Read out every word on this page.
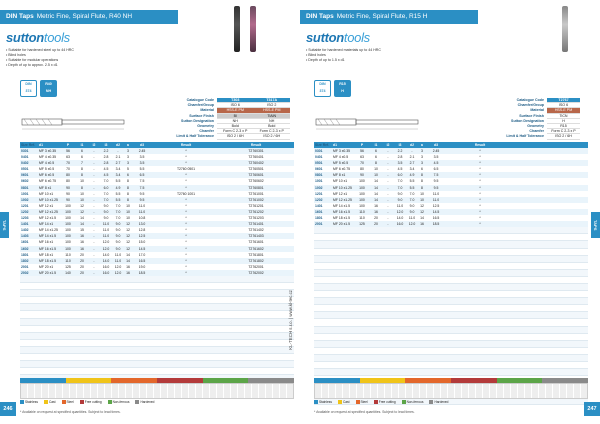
DIN Taps Metric Fine, Spiral Flute, R40 NH
suttontools
• Suitable for hardened steel up to 44 HRC
• Blind holes
• Suitable for modular operations
• Depth of up to approx. 2.5 x d1
DIN
374
R40
NH
Catalogue Code	T303	T317A
Chamfer/Group	ISO 6	ISO 2
Material	HSS-E PM	HSS-E PM
Surface Finish	Bl	TiAlN
Sutton Designation	NH	NH
Geometry	Bold	Bold
Chamfer	Form C 2-3 x P	Form C 2-3 x P
Limit & Half Tolerance	ISO 2 / 6H	ISO 2 / 6H
Size Ref.	d1	P	l1	l2	l3	d2	a	d3	Result	Result
0301	MF 3 x0.35	56	6	-	2.2	-	3	2.45	*	T2760301
0401	MF 4 x0.35	63	6	-	2.8	2.1	3	3.5	*	T2760401
0402	MF 4 x0.5	70	7	-	2.8	2.7	3	3.5	*	T2760402
0501	MF 5 x0.5	70	8	-	4.5	3.4	5	5.5	T2760 0501	T2760501
0601	MF 6 x0.5	80	8	-	4.5	3.4	6	6.5	*	T2760601
0602	MF 6 x0.75	80	10	-	7.0	5.5	8	7.5	*	T2760602
0801	MF 8 x1	90	8	-	6.0	4.9	8	7.5	*	T2760801
1001	MF 10 x1	90	10	-	7.0	5.5	8	9.5	T2760 1001	T2761001
1002	MF 10 x1.25	90	10	-	7.0	5.5	8	9.5	*	T2761002
1201	MF 12 x1	100	12	-	9.0	7.0	10	11.0	*	T2761201
1202	MF 12 x1.25	100	12	-	9.0	7.0	10	11.0	*	T2761202
1203	MF 12 x1.5	100	14	-	9.0	7.0	10	10.8	*	T2761203
1401	MF 14 x1	100	14	-	11.0	9.0	12	13.0	*	T2761401
1402	MF 14 x1.25	100	15	-	11.0	9.0	12	12.8	*	T2761402
1403	MF 14 x1.5	100	16	-	11.0	9.0	12	12.5	*	T2761403
1601	MF 16 x1	100	16	-	12.0	9.0	12	15.0	*	T2761601
1602	MF 16 x1.5	100	16	-	12.0	9.0	12	14.5	*	T2761602
1801	MF 18 x1	110	20	-	14.0	11.0	14	17.0	*	T2761801
1802	MF 18 x1.5	110	20	-	14.0	11.0	14	16.5	*	T2761802
2001	MF 20 x1	125	20	-	16.0	12.0	16	19.0	*	T2762001
2002	MF 20 x1.5	140	20	-	16.0	12.0	16	18.5	*	T2762002
Stainless	Cast	Steel	Free cutting	Non-ferrous	Hardened
* Available on request at specified quantities. Subject to lead times.
246
TAPS
DIN Taps Metric Fine, Spiral Flute, R15 H
suttontools
• Suitable for hardened materials up to 44 HRC
• Blind holes
• Depth of up to 1.5 x d1
DIN
374
R15
H
Catalogue Code	T2767
Chamfer/Group	ISO 6
Material	HSS-E PM
Surface Finish	TiCN
Sutton Designation	H
Geometry	R15
Chamfer	Form C 2-3 x P
Limit & Half Tolerance	ISO 2 / 6H
Size Ref.	d1	P	l1	l2	l3	d2	a	d3	Result
0301	MF 3 x0.35	56	6	-	2.2	-	3	2.45	*
0401	MF 4 x0.5	63	6	-	2.8	2.1	3	3.5	*
0501	MF 5 x0.5	70	8	-	3.5	2.7	3	4.5	*
0601	MF 6 x0.75	80	10	-	4.5	3.4	6	6.5	*
0801	MF 8 x1	90	10	-	6.0	4.9	8	7.5	*
1001	MF 10 x1	100	14	-	7.0	5.5	8	9.5	*
1002	MF 10 x1.25	100	14	-	7.0	5.5	8	9.5	*
1201	MF 12 x1	100	14	-	9.0	7.0	10	11.0	*
1202	MF 12 x1.25	100	14	-	9.0	7.0	10	11.0	*
1401	MF 14 x1.5	100	16	-	11.0	9.0	12	12.5	*
1601	MF 16 x1.5	110	16	-	12.0	9.0	12	14.5	*
1801	MF 18 x1.5	110	20	-	14.0	11.0	14	16.5	*
2001	MF 20 x1.5	125	20	-	16.0	12.0	16	18.5	*
Stainless	Cast	Steel	Free cutting	Non-ferrous	Hardened
* Available on request at specified quantities. Subject to lead times.	247
TAPS
KL-TECH s.r.o. | www.kl-tec.cz
